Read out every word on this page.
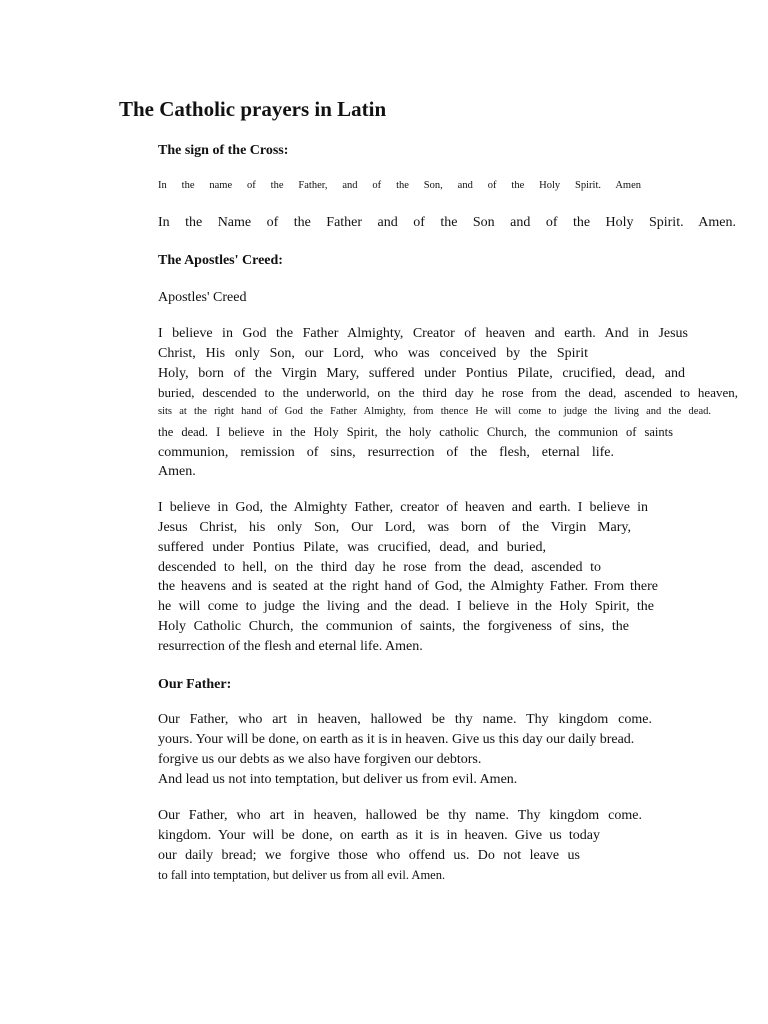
The Catholic prayers in Latin
The sign of the Cross:
In the name of the Father, and of the Son, and of the Holy Spirit. Amen
In the Name of the Father and of the Son and of the Holy Spirit. Amen.
The Apostles' Creed:
Apostles' Creed
I believe in God the Father Almighty, Creator of heaven and earth. And in Jesus
Christ, His only Son, our Lord, who was conceived by the Spirit
Holy, born of the Virgin Mary, suffered under Pontius Pilate, crucified, dead, and
buried, descended to the underworld, on the third day he rose from the dead, ascended to heaven,
sits at the right hand of God the Father Almighty, from thence He will come to judge the living and the dead.
the dead. I believe in the Holy Spirit, the holy catholic Church, the communion of saints
communion, remission of sins, resurrection of the flesh, eternal life.
Amen.
I believe in God, the Almighty Father, creator of heaven and earth. I believe in
Jesus Christ, his only Son, Our Lord, was born of the Virgin Mary,
suffered under Pontius Pilate, was crucified, dead, and buried,
descended to hell, on the third day he rose from the dead, ascended to
the heavens and is seated at the right hand of God, the Almighty Father. From there
he will come to judge the living and the dead. I believe in the Holy Spirit, the
Holy Catholic Church, the communion of saints, the forgiveness of sins, the
resurrection of the flesh and eternal life. Amen.
Our Father:
Our Father, who art in heaven, hallowed be thy name. Thy kingdom come.
yours. Your will be done, on earth as it is in heaven. Give us this day our daily bread.
forgive us our debts as we also have forgiven our debtors.
And lead us not into temptation, but deliver us from evil. Amen.
Our Father, who art in heaven, hallowed be thy name. Thy kingdom come.
kingdom. Your will be done, on earth as it is in heaven. Give us today
our daily bread; we forgive those who offend us. Do not leave us
to fall into temptation, but deliver us from all evil. Amen.
